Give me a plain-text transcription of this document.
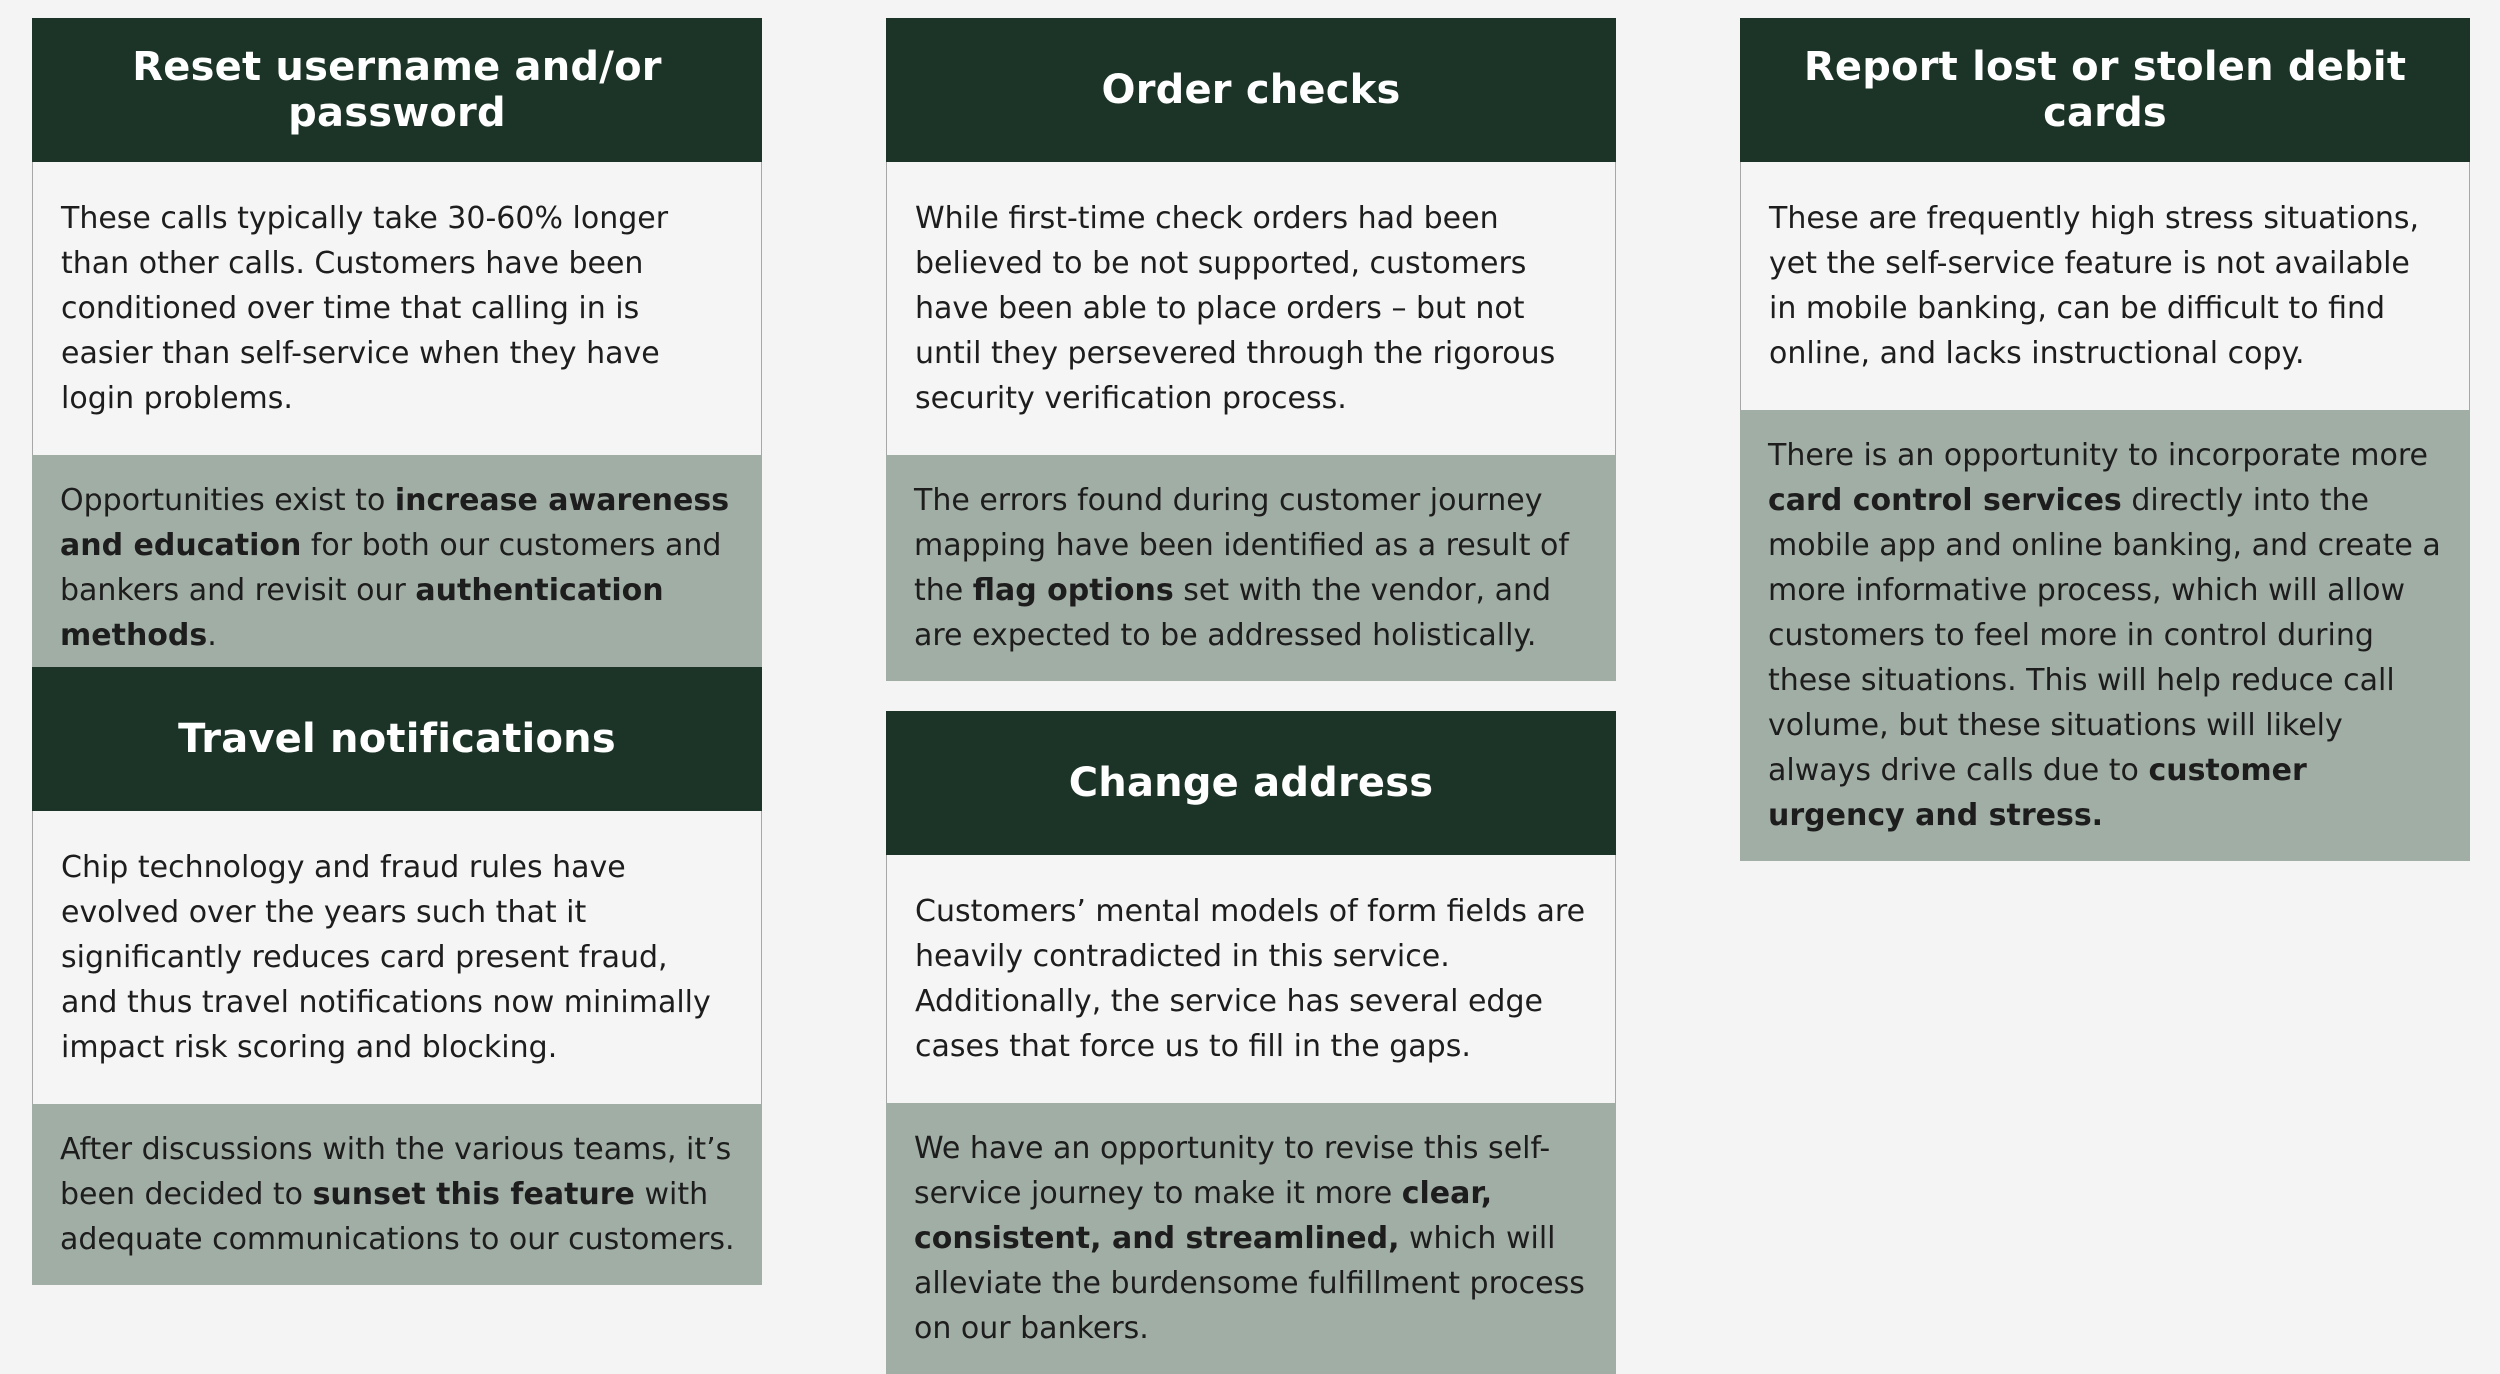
Reset username and/or password
These calls typically take 30-60% longer than other calls. Customers have been conditioned over time that calling in is easier than self-service when they have login problems.
Opportunities exist to increase awareness and education for both our customers and bankers and revisit our authentication methods.
Travel notifications
Chip technology and fraud rules have evolved over the years such that it significantly reduces card present fraud, and thus travel notifications now minimally impact risk scoring and blocking.
After discussions with the various teams, it’s been decided to sunset this feature with adequate communications to our customers.
Order checks
While first-time check orders had been believed to be not supported, customers have been able to place orders – but not until they persevered through the rigorous security verification process.
The errors found during customer journey mapping have been identified as a result of the flag options set with the vendor, and are expected to be addressed holistically.
Change address
Customers’ mental models of form fields are heavily contradicted in this service. Additionally, the service has several edge cases that force us to fill in the gaps.
We have an opportunity to revise this self-service journey to make it more clear, consistent, and streamlined, which will alleviate the burdensome fulfillment process on our bankers.
Report lost or stolen debit cards
These are frequently high stress situations, yet the self-service feature is not available in mobile banking, can be difficult to find online, and lacks instructional copy.
There is an opportunity to incorporate more card control services directly into the mobile app and online banking, and create a more informative process, which will allow customers to feel more in control during these situations. This will help reduce call volume, but these situations will likely always drive calls due to customer urgency and stress.
